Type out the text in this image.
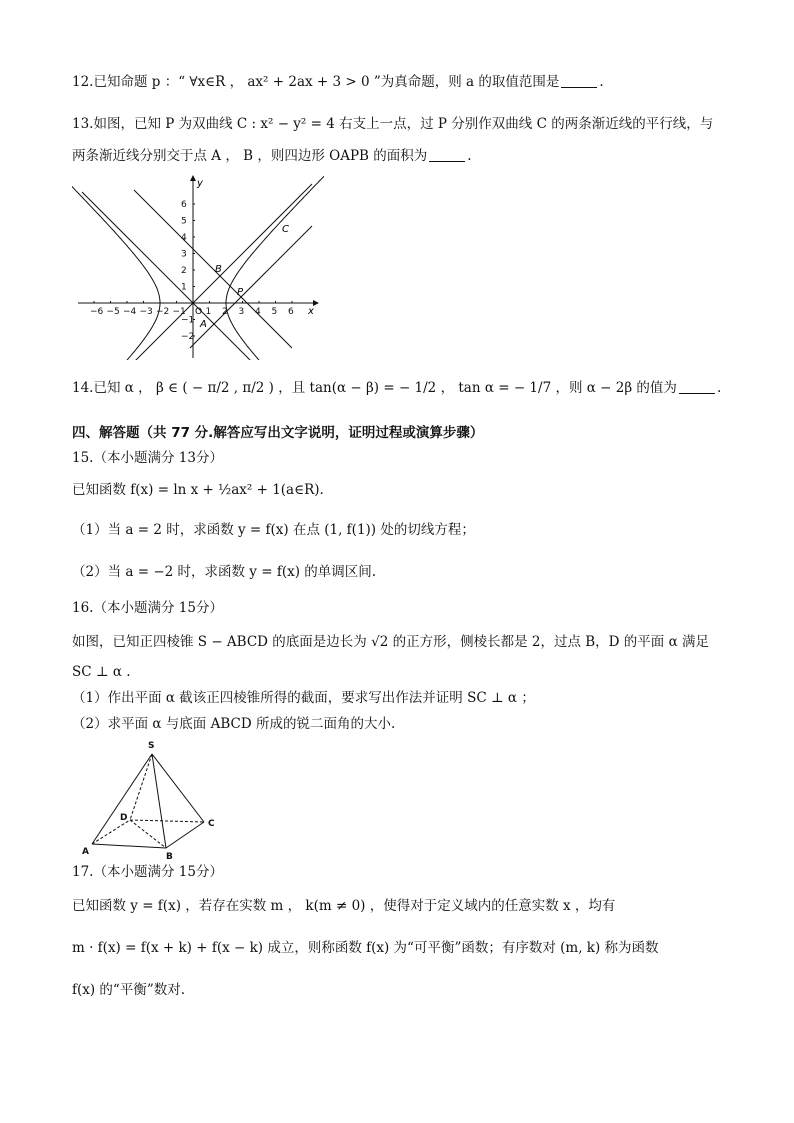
12.已知命题 p ：“ ∀x∈R ， ax² + 2ax + 3 > 0 ”为真命题，则 a 的取值范围是	.
13.如图，已知 P 为双曲线 C : x² − y² = 4 右支上一点，过 P 分别作双曲线 C 的两条渐近线的平行线，与
两条渐近线分别交于点 A ， B ，则四边形 OAPB 的面积为	.
−6 −5 −4 −3 −2 −1 1 2 3 4 5 6
6
5
4
3
2
1
−1
−2
x
y
O
B
A
P
C
14.已知 α ， β ∈ ( − π/2 , π/2 ) ，且 tan(α − β) = − 1/2 ， tan α = − 1/7 ，则 α − 2β 的值为	.
四、解答题（共 77 分.解答应写出文字说明，证明过程或演算步骤）
15.（本小题满分 13分）
已知函数 f(x) = ln x + ½ax² + 1(a∈R).
（1）当 a = 2 时，求函数 y = f(x) 在点 (1, f(1)) 处的切线方程；
（2）当 a = −2 时，求函数 y = f(x) 的单调区间.
16.（本小题满分 15分）
如图，已知正四棱锥 S − ABCD 的底面是边长为 √2 的正方形，侧棱长都是 2，过点 B，D 的平面 α 满足
SC ⊥ α .
（1）作出平面 α 截该正四棱锥所得的截面，要求写出作法并证明 SC ⊥ α ；
（2）求平面 α 与底面 ABCD 所成的锐二面角的大小.
S
A	B
C
D
17.（本小题满分 15分）
已知函数 y = f(x) ，若存在实数 m ， k(m ≠ 0) ，使得对于定义域内的任意实数 x ，均有
m · f(x) = f(x + k) + f(x − k) 成立，则称函数 f(x) 为“可平衡”函数；有序数对 (m, k) 称为函数
f(x) 的“平衡”数对.
